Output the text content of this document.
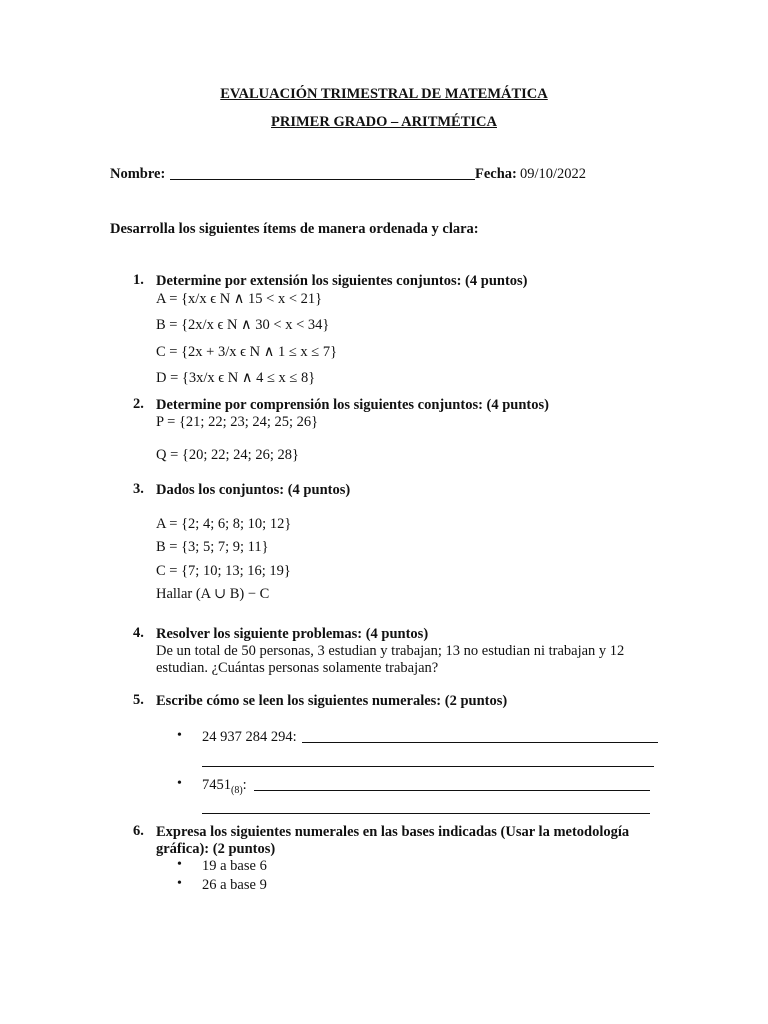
EVALUACIÓN TRIMESTRAL DE MATEMÁTICA
PRIMER GRADO – ARITMÉTICA
Nombre:	Fecha: 09/10/2022
Desarrolla los siguientes ítems de manera ordenada y clara:
1. Determine por extensión los siguientes conjuntos: (4 puntos)
A = {x/x ϵ N ∧ 15 < x < 21}
B = {2x/x ϵ N ∧ 30 < x < 34}
C = {2x + 3/x ϵ N ∧ 1 ≤ x ≤ 7}
D = {3x/x ϵ N ∧ 4 ≤ x ≤ 8}
2. Determine por comprensión los siguientes conjuntos: (4 puntos)
P = {21; 22; 23; 24; 25; 26}
Q = {20; 22; 24; 26; 28}
3. Dados los conjuntos: (4 puntos)
A = {2; 4; 6; 8; 10; 12}
B = {3; 5; 7; 9; 11}
C = {7; 10; 13; 16; 19}
Hallar (A ∪ B) − C
4. Resolver los siguiente problemas: (4 puntos)
De un total de 50 personas, 3 estudian y trabajan; 13 no estudian ni trabajan y 12
estudian. ¿Cuántas personas solamente trabajan?
5. Escribe cómo se leen los siguientes numerales: (2 puntos)
• 24 937 284 294:
• $7451_{(8)}$:
6. Expresa los siguientes numerales en las bases indicadas (Usar la metodología
gráfica): (2 puntos)
• 19 a base 6
• 26 a base 9
